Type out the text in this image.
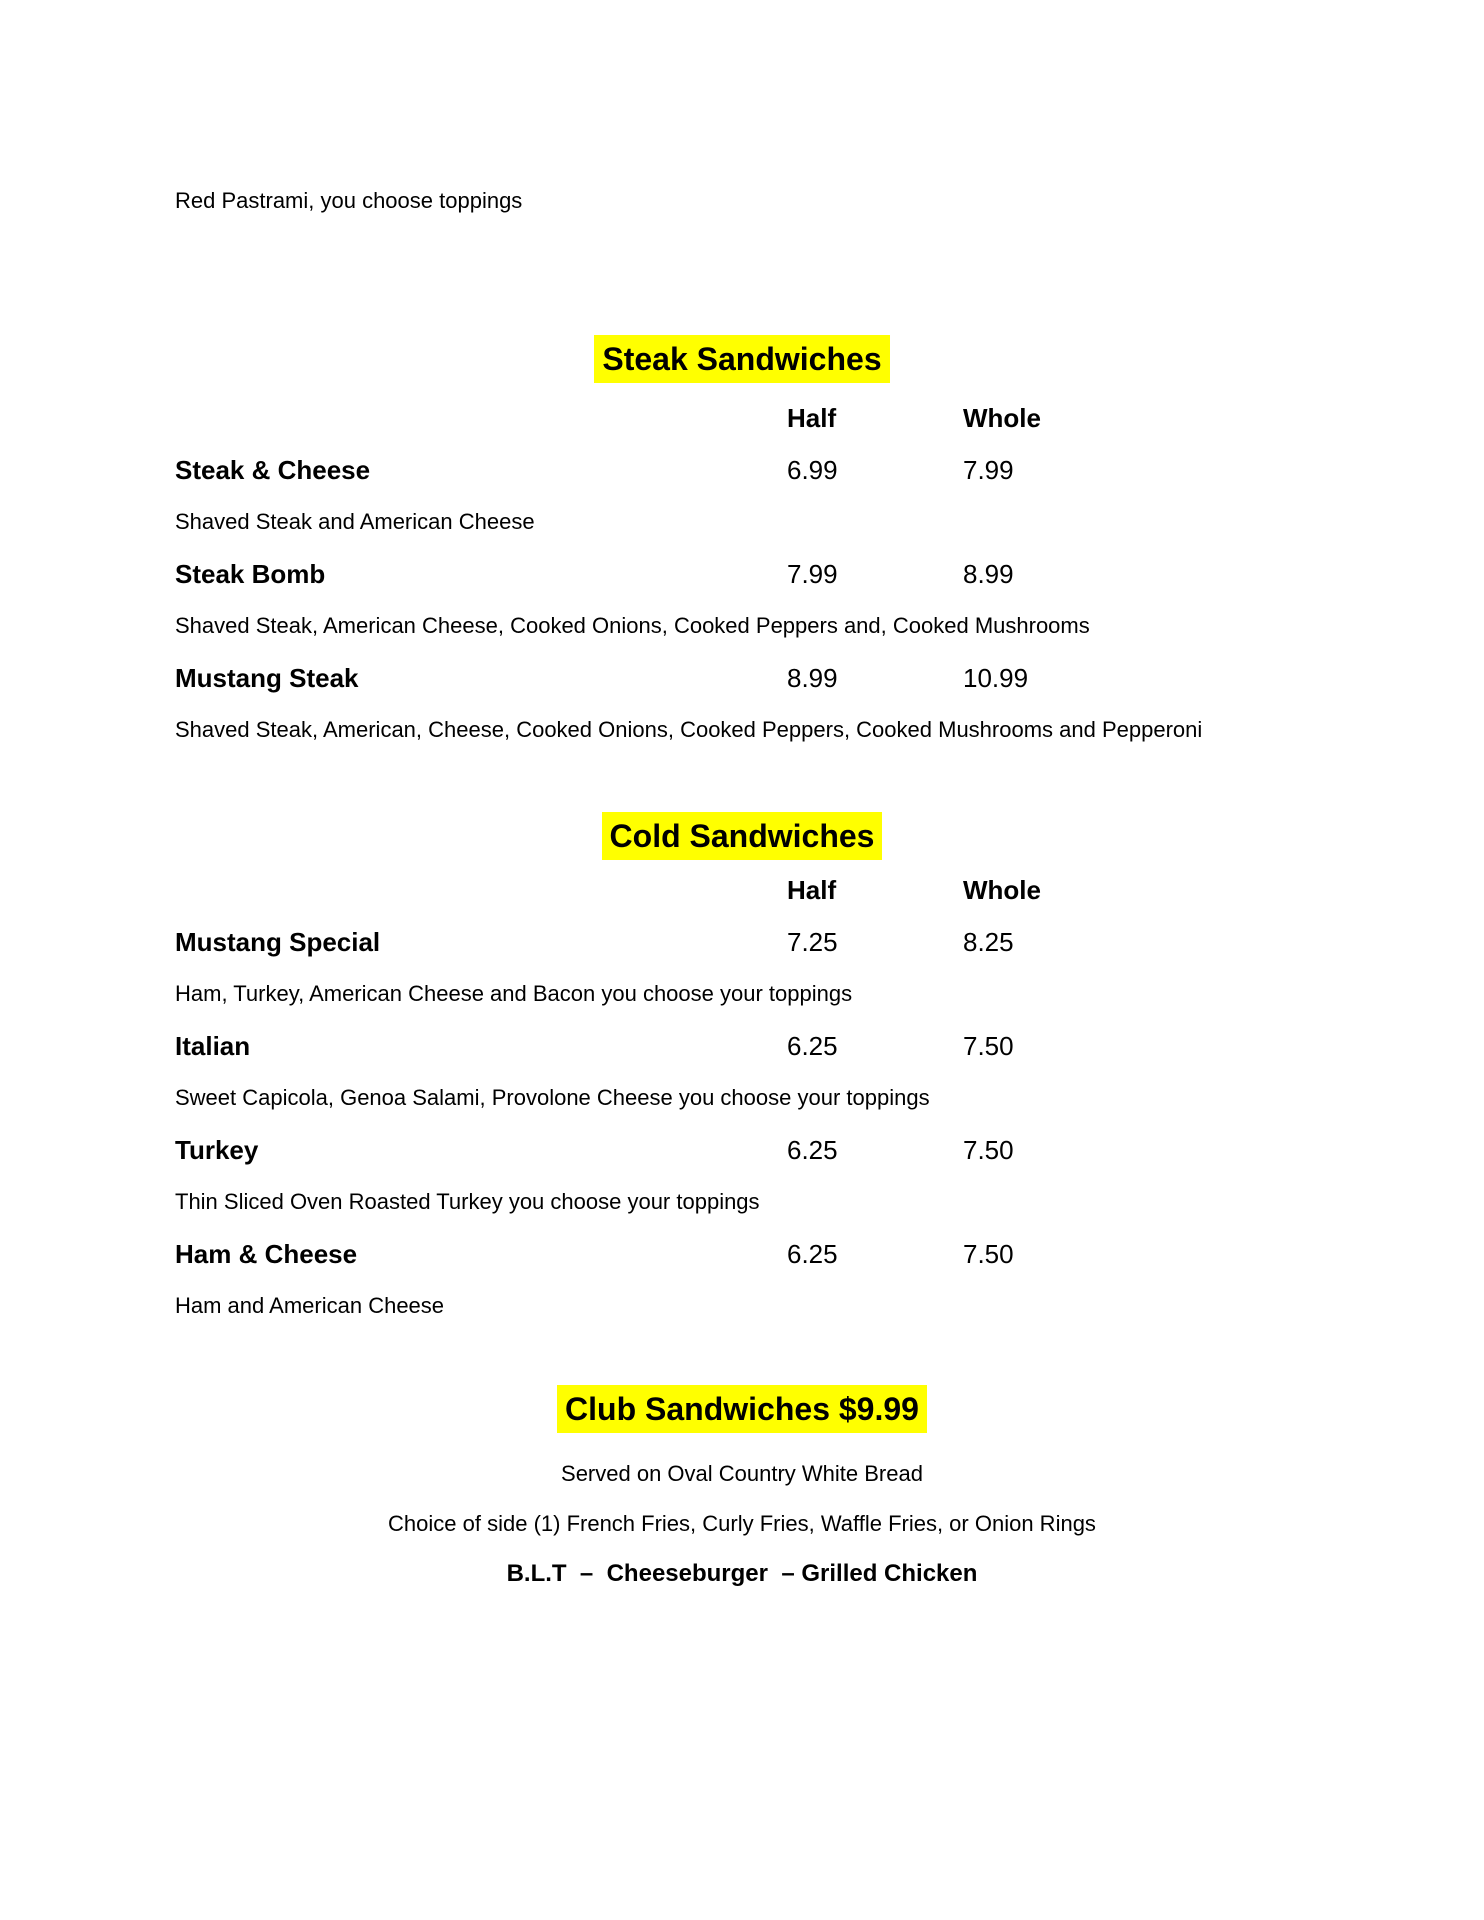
Red Pastrami, you choose toppings

Steak Sandwiches
Half	Whole
Steak & Cheese	6.99	7.99
Shaved Steak and American Cheese
Steak Bomb	7.99	8.99
Shaved Steak, American Cheese, Cooked Onions, Cooked Peppers and, Cooked Mushrooms
Mustang Steak	8.99	10.99
Shaved Steak, American, Cheese, Cooked Onions, Cooked Peppers, Cooked Mushrooms and Pepperoni
Cold Sandwiches
Half	Whole
Mustang Special	7.25	8.25
Ham, Turkey, American Cheese and Bacon you choose your toppings
Italian	6.25	7.50
Sweet Capicola, Genoa Salami, Provolone Cheese you choose your toppings
Turkey	6.25	7.50
Thin Sliced Oven Roasted Turkey you choose your toppings
Ham & Cheese	6.25	7.50
Ham and American Cheese
Club Sandwiches $9.99

Served on Oval Country White Bread

Choice of side (1) French Fries, Curly Fries, Waffle Fries, or Onion Rings

B.L.T  –  Cheeseburger  – Grilled Chicken
